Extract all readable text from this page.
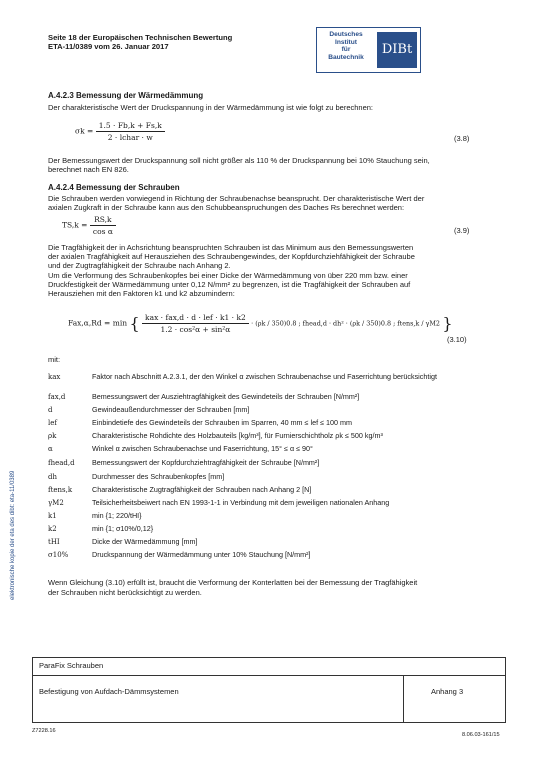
Seite 18 der Europäischen Technischen Bewertung
ETA-11/0389 vom 26. Januar 2017
Deutsches
Institut
für
Bautechnik	DIBt
A.4.2.3 Bemessung der Wärmedämmung
Der charakteristische Wert der Druckspannung in der Wärmedämmung ist wie folgt zu berechnen:
$\sigma k = \frac{1.5 \cdot Fb,k + Fs,k}{\text{2 · lchar · w}}$	(3.8)
Der Bemessungswert der Druckspannung soll nicht größer als 110 % der Druckspannung bei 10% Stauchung sein,
berechnet nach EN 826.
A.4.2.4 Bemessung der Schrauben
Die Schrauben werden vorwiegend in Richtung der Schraubenachse beansprucht. Der charakteristische Wert der
axialen Zugkraft in der Schraube kann aus den Schubbeanspruchungen des Daches Rs berechnet werden:
$TS,k = \frac{RS,k}{\text{cos α}}$	(3.9)
Die Tragfähigkeit der in Achsrichtung beanspruchten Schrauben ist das Minimum aus den Bemessungswerten
der axialen Tragfähigkeit auf Herausziehen des Schraubengewindes, der Kopfdurchziehfähigkeit der Schraube
und der Zugtragfähigkeit der Schraube nach Anhang 2.
Um die Verformung des Schraubenkopfes bei einer Dicke der Wärmedämmung von über 220 mm bzw. einer
Druckfestigkeit der Wärmedämmung unter 0,12 N/mm² zu begrenzen, ist die Tragfähigkeit der Schrauben auf
Herausziehen mit den Faktoren k1 und k2 abzumindern:
Fax,α,Rd = min { $\frac{\text{kax · fax,d · d · lef · k1 · k2}}{\text{1.2 · cos²α + sin²α}} \cdot (\rho k / 350)0.8$ ; fhead,d · dh² · (ρk / 350)0.8 ; ftens,k / γM2 }
(3.10)
mit:
kax	Faktor nach Abschnitt A.2.3.1, der den Winkel α zwischen Schraubenachse und Faserrichtung berücksichtigt
fax,d	Bemessungswert der Ausziehtragfähigkeit des Gewindeteils der Schrauben [N/mm²]
d	Gewindeaußendurchmesser der Schrauben [mm]
lef	Einbindetiefe des Gewindeteils der Schrauben im Sparren, 40 mm ≤ lef ≤ 100 mm
ρk	Charakteristische Rohdichte des Holzbauteils [kg/m³], für Furnierschichtholz ρk ≤ 500 kg/m³
α	Winkel α zwischen Schraubenachse und Faserrichtung, 15° ≤ α ≤ 90°
fhead,d Bemessungswert der Kopfdurchziehtragfähigkeit der Schraube [N/mm²]
dh	Durchmesser des Schraubenkopfes [mm]
ftens,k	Charakteristische Zugtragfähigkeit der Schrauben nach Anhang 2 [N]
γM2	Teilsicherheitsbeiwert nach EN 1993-1-1 in Verbindung mit dem jeweiligen nationalen Anhang
k1	min {1; 220/tHI}
k2	min {1; σ10%/0,12}
tHI	Dicke der Wärmedämmung [mm]
σ10%	Druckspannung der Wärmedämmung unter 10% Stauchung [N/mm²]
Wenn Gleichung (3.10) erfüllt ist, braucht die Verformung der Konterlatten bei der Bemessung der Tragfähigkeit
der Schrauben nicht berücksichtigt zu werden.
elektronische kopie der eta des dibt: eta-11/0389
ParaFix Schrauben
Befestigung von Aufdach-Dämmsystemen	Anhang 3
Z7228.16
8.06.03-161/15
